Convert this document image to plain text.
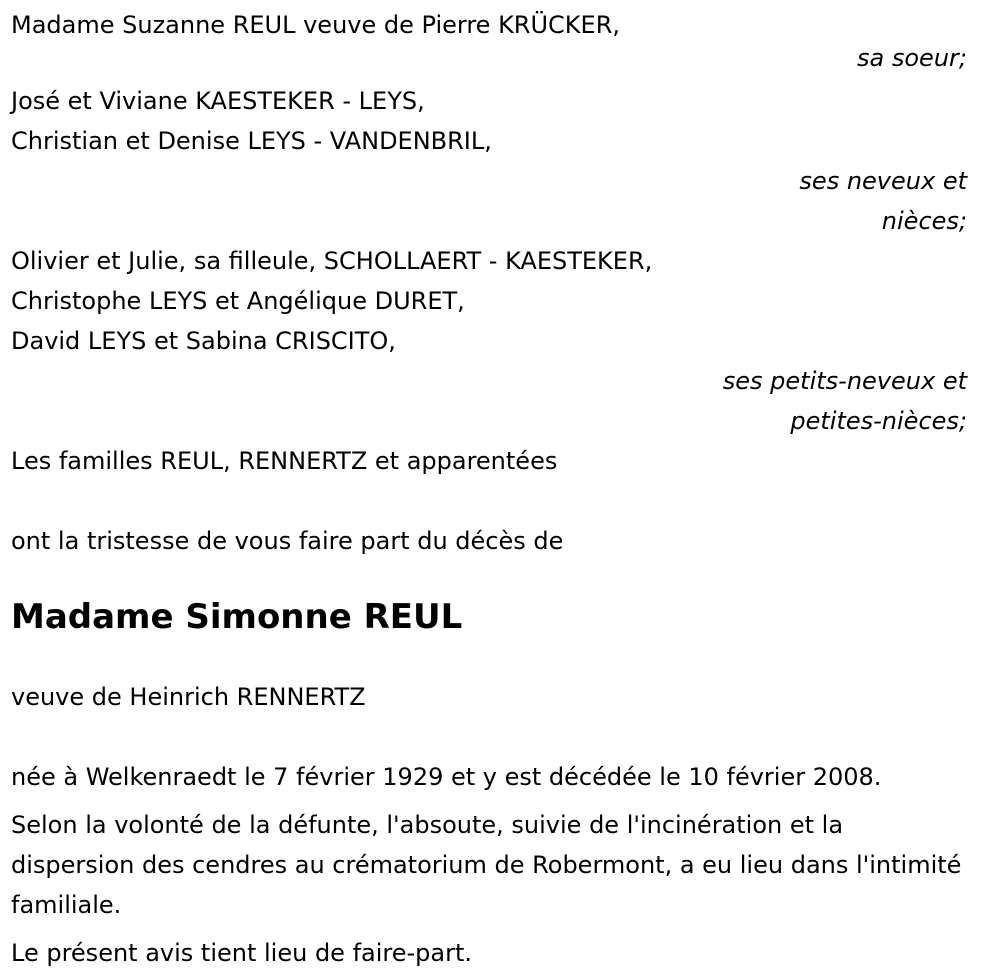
Madame Suzanne REUL veuve de Pierre KRÜCKER,
sa soeur;
José et Viviane KAESTEKER - LEYS,
Christian et Denise LEYS - VANDENBRIL,
ses neveux et
nièces;
Olivier et Julie, sa filleule, SCHOLLAERT - KAESTEKER,
Christophe LEYS et Angélique DURET,
David LEYS et Sabina CRISCITO,
ses petits-neveux et
petites-nièces;
Les familles REUL, RENNERTZ et apparentées
ont la tristesse de vous faire part du décès de
Madame Simonne REUL
veuve de Heinrich RENNERTZ
née à Welkenraedt le 7 février 1929 et y est décédée le 10 février 2008.
Selon la volonté de la défunte, l'absoute, suivie de l'incinération et la dispersion des cendres au crématorium de Robermont, a eu lieu dans l'intimité familiale.
Le présent avis tient lieu de faire-part.
